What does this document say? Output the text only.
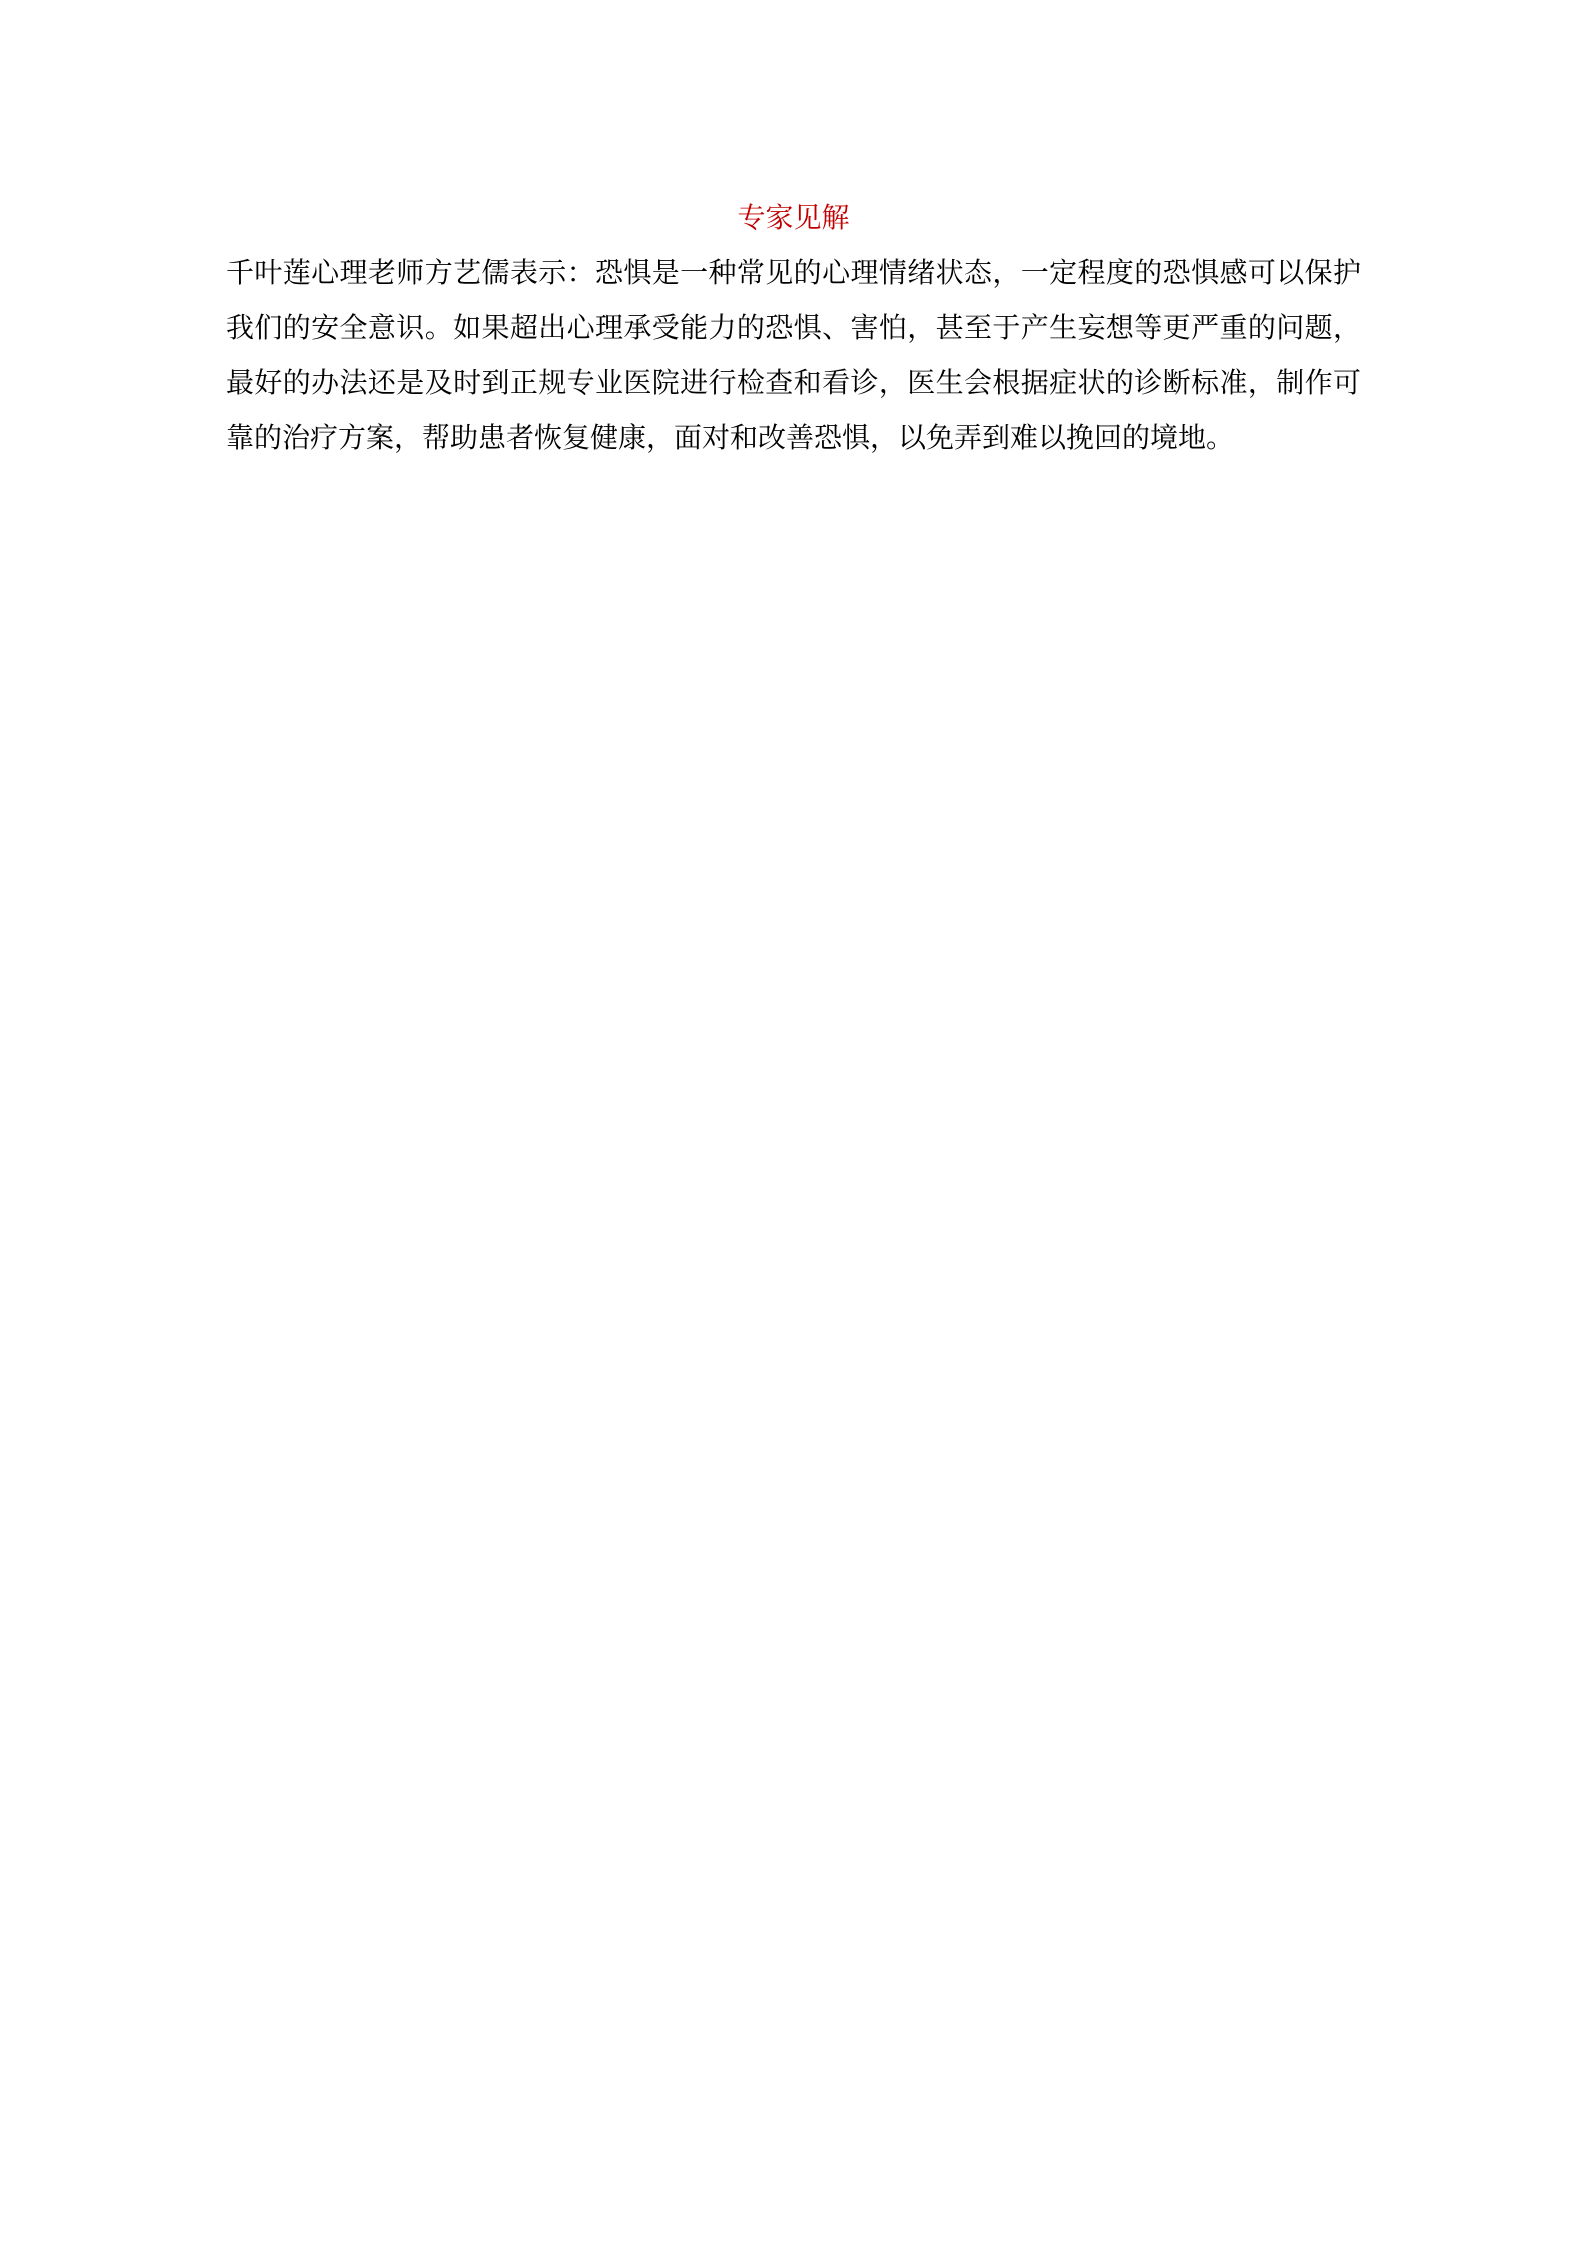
专家见解

千叶莲心理老师方艺儒表示：恐惧是一种常见的心理情绪状态，一定程度的恐惧感可以保护我们的安全意识。如果超出心理承受能力的恐惧、害怕，甚至于产生妄想等更严重的问题，最好的办法还是及时到正规专业医院进行检查和看诊，医生会根据症状的诊断标准，制作可靠的治疗方案，帮助患者恢复健康，面对和改善恐惧，以免弄到难以挽回的境地。
